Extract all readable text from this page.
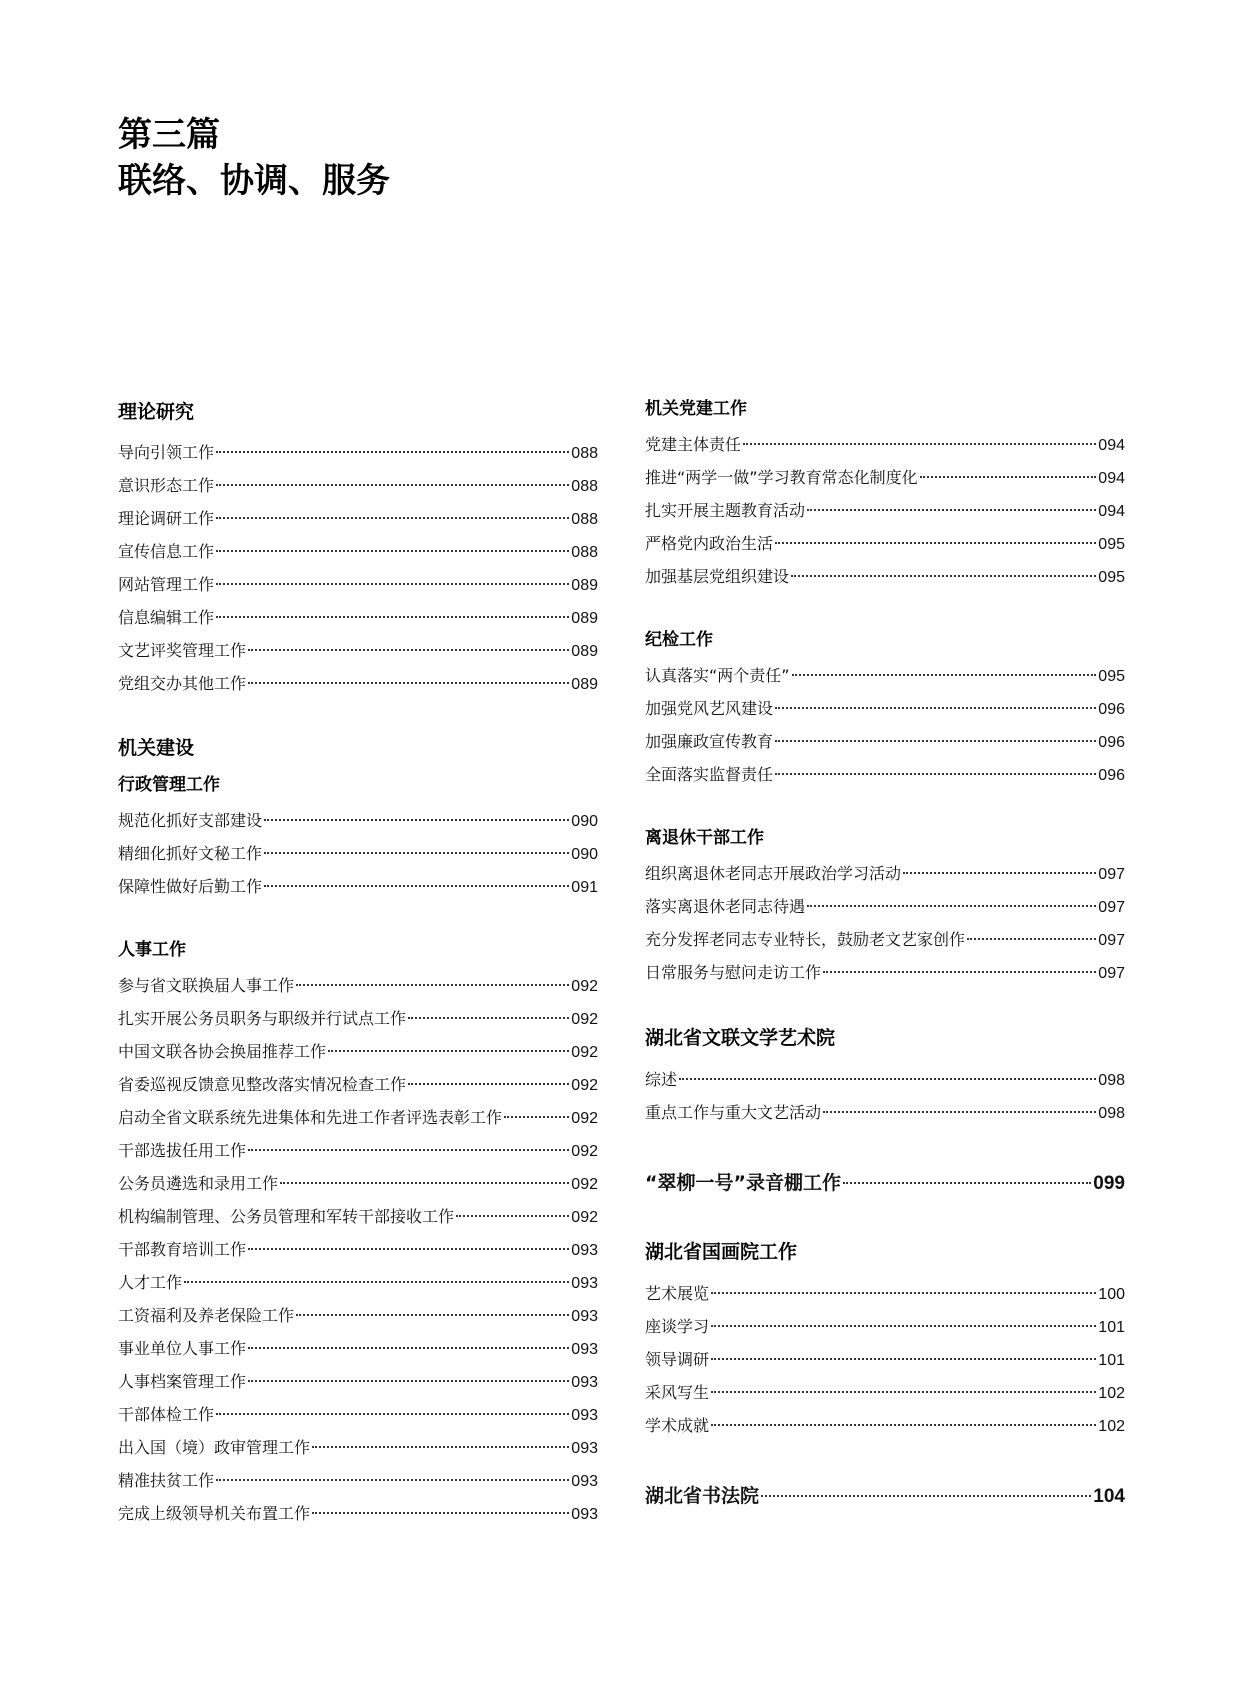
第三篇
联络、协调、服务
理论研究
导向引领工作	088
意识形态工作	088
理论调研工作	088
宣传信息工作	088
网站管理工作	089
信息编辑工作	089
文艺评奖管理工作	089
党组交办其他工作	089
机关建设
行政管理工作
规范化抓好支部建设	090
精细化抓好文秘工作	090
保障性做好后勤工作	091
人事工作
参与省文联换届人事工作	092
扎实开展公务员职务与职级并行试点工作	092
中国文联各协会换届推荐工作	092
省委巡视反馈意见整改落实情况检查工作	092
启动全省文联系统先进集体和先进工作者评选表彰工作	092
干部选拔任用工作	092
公务员遴选和录用工作	092
机构编制管理、公务员管理和军转干部接收工作	092
干部教育培训工作	093
人才工作	093
工资福利及养老保险工作	093
事业单位人事工作	093
人事档案管理工作	093
干部体检工作	093
出入国（境）政审管理工作	093
精准扶贫工作	093
完成上级领导机关布置工作	093
机关党建工作
党建主体责任	094
推进“两学一做”学习教育常态化制度化	094
扎实开展主题教育活动	094
严格党内政治生活	095
加强基层党组织建设	095
纪检工作
认真落实“两个责任”	095
加强党风艺风建设	096
加强廉政宣传教育	096
全面落实监督责任	096
离退休干部工作
组织离退休老同志开展政治学习活动	097
落实离退休老同志待遇	097
充分发挥老同志专业特长，鼓励老文艺家创作	097
日常服务与慰问走访工作	097
湖北省文联文学艺术院
综述	098
重点工作与重大文艺活动	098
“翠柳一号”录音棚工作	099
湖北省国画院工作
艺术展览	100
座谈学习	101
领导调研	101
采风写生	102
学术成就	102
湖北省书法院	104
